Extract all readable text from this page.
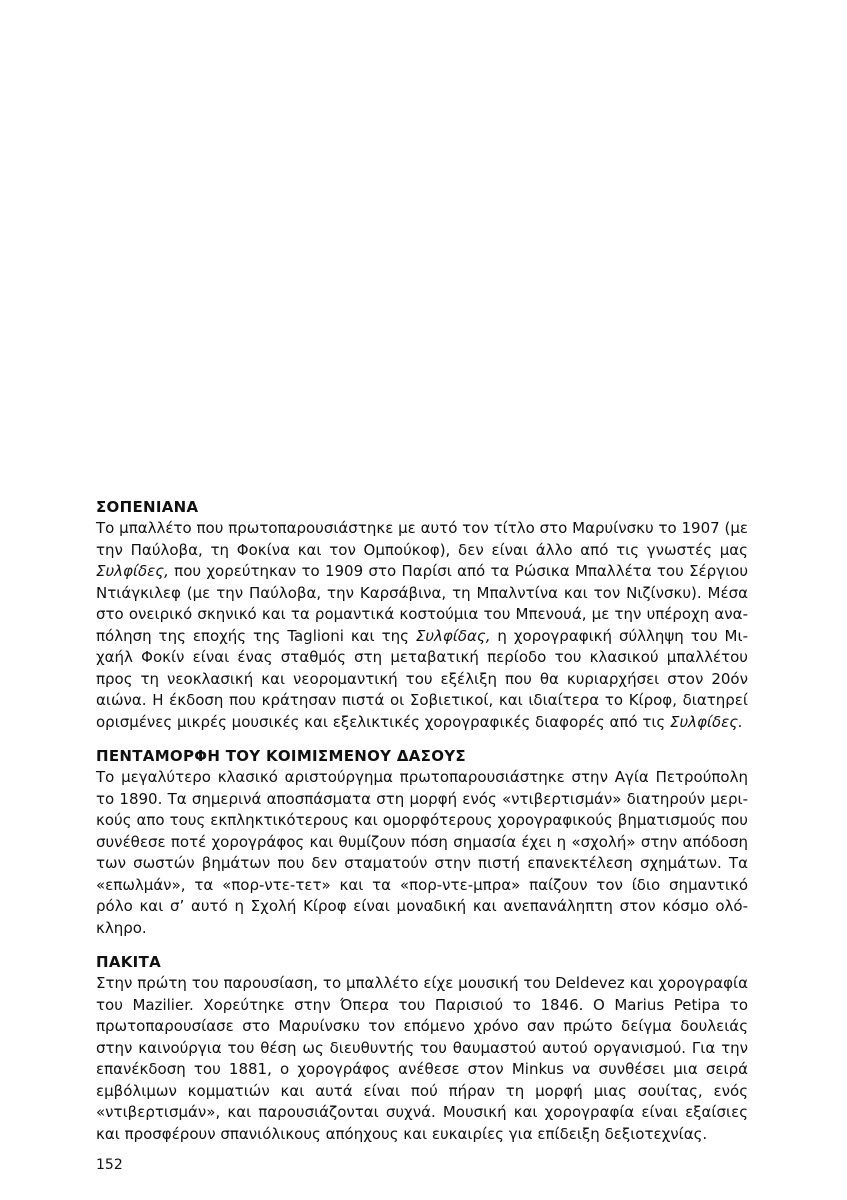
ΣΟΠΕΝΙΑΝΑ

Το μπαλλέτο που πρωτοπαρουσιάστηκε με αυτό τον τίτλο στο Μαρυίνσκυ το 1907 (με την Παύλοβα, τη Φοκίνα και τον Ομπούκοφ), δεν είναι άλλο από τις γνωστές μας Συλφίδες, που χορεύτηκαν το 1909 στο Παρίσι από τα Ρώσικα Μπαλλέτα του Σέργιου Ντιάγκιλεφ (με την Παύλοβα, την Καρσάβινα, τη Μπαλντίνα και τον Νιζίνσκυ). Μέσα στο ονειρικό σκηνικό και τα ρομαντικά κοστούμια του Μπενουά, με την υπέροχη αναπόληση της εποχής της Taglioni και της Συλφίδας, η χορογραφική σύλληψη του Μιχαήλ Φοκίν είναι ένας σταθμός στη μεταβατική περίοδο του κλασικού μπαλλέτου προς τη νεοκλασική και νεορομαντική του εξέλιξη που θα κυριαρχήσει στον 20όν αιώνα. Η έκδοση που κράτησαν πιστά οι Σοβιετικοί, και ιδιαίτερα το Κίροφ, διατηρεί ορισμένες μικρές μουσικές και εξελικτικές χορογραφικές διαφορές από τις Συλφίδες.

ΠΕΝΤΑΜΟΡΦΗ ΤΟΥ ΚΟΙΜΙΣΜΕΝΟΥ ΔΑΣΟΥΣ

Το μεγαλύτερο κλασικό αριστούργημα πρωτοπαρουσιάστηκε στην Αγία Πετρούπολη το 1890. Τα σημερινά αποσπάσματα στη μορφή ενός «ντιβερτισμάν» διατηρούν μερικούς απο τους εκπληκτικότερους και ομορφότερους χορογραφικούς βηματισμούς που συνέθεσε ποτέ χορογράφος και θυμίζουν πόση σημασία έχει η «σχολή» στην απόδοση των σωστών βημάτων που δεν σταματούν στην πιστή επανεκτέλεση σχημάτων. Τα «επωλμάν», τα «πορ-ντε-τετ» και τα «πορ-ντε-μπρα» παίζουν τον ίδιο σημαντικό ρόλο και σ’ αυτό η Σχολή Κίροφ είναι μοναδική και ανεπανάληπτη στον κόσμο ολόκληρο.

ΠΑΚΙΤΑ

Στην πρώτη του παρουσίαση, το μπαλλέτο είχε μουσική του Deldevez και χορογραφία του Mazilier. Χορεύτηκε στην Όπερα του Παρισιού το 1846. Ο Marius Petipa το πρωτοπαρουσίασε στο Μαρυίνσκυ τον επόμενο χρόνο σαν πρώτο δείγμα δουλειάς στην καινούργια του θέση ως διευθυντής του θαυμαστού αυτού οργανισμού. Για την επανέκδοση του 1881, ο χορογράφος ανέθεσε στον Minkus να συνθέσει μια σειρά εμβόλιμων κομματιών και αυτά είναι πού πήραν τη μορφή μιας σουίτας, ενός «ντιβερτισμάν», και παρουσιάζονται συχνά. Μουσική και χορογραφία είναι εξαίσιες και προσφέρουν σπανιόλικους απόηχους και ευκαιρίες για επίδειξη δεξιοτεχνίας.

152
